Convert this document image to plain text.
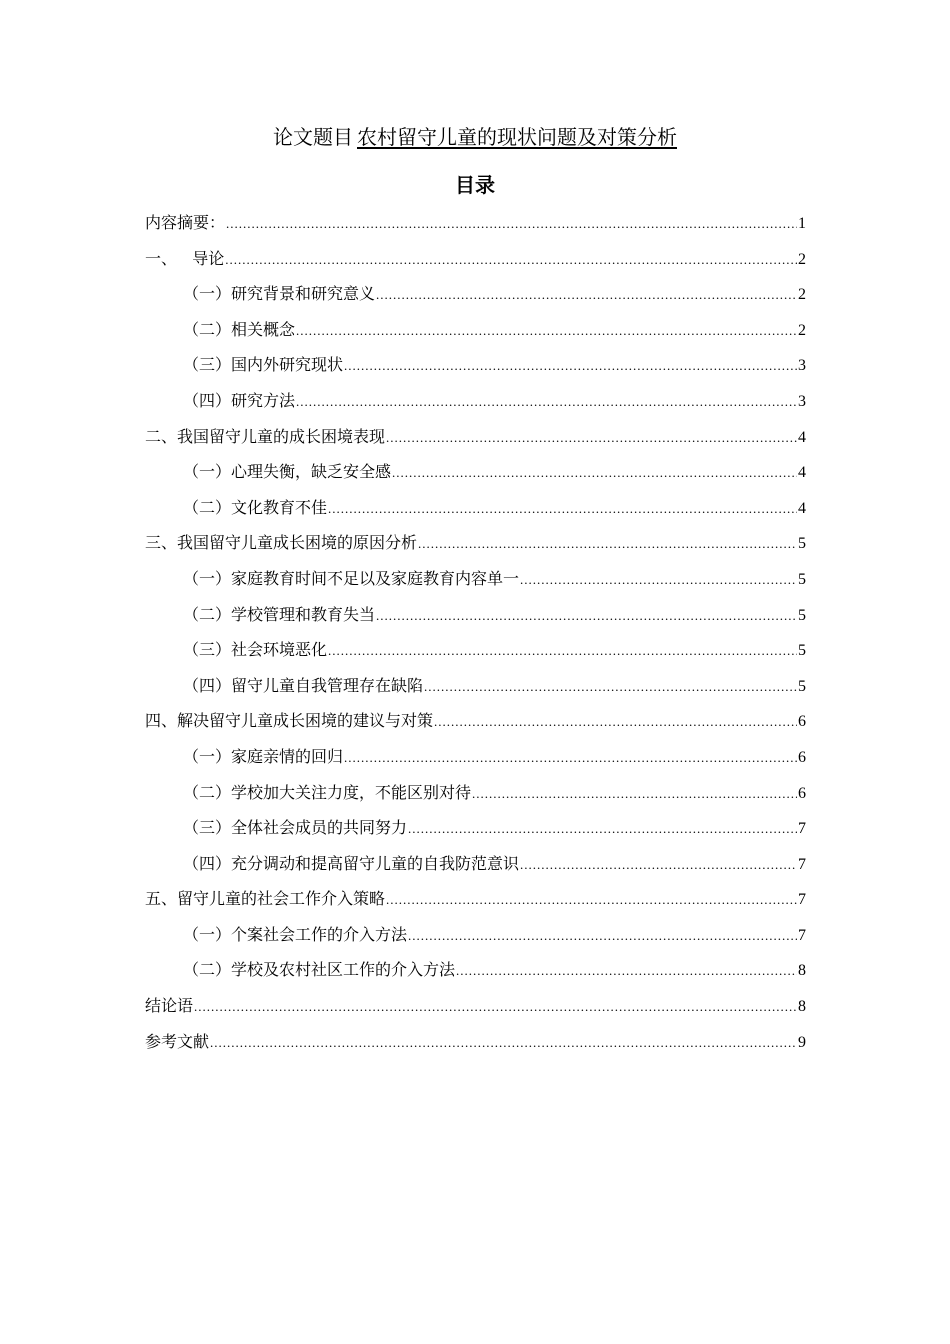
论文题目 农村留守儿童的现状问题及对策分析
目录
内容摘要： .....	1
一、   导论 .....	2
（一）研究背景和研究意义 .....	2
（二）相关概念 .....	2
（三）国内外研究现状 .....	3
（四）研究方法 .....	3
二、我国留守儿童的成长困境表现 .....	4
（一）心理失衡，缺乏安全感 .....	4
（二）文化教育不佳 .....	4
三、我国留守儿童成长困境的原因分析 .....	5
（一）家庭教育时间不足以及家庭教育内容单一 .....	5
（二）学校管理和教育失当 .....	5
（三）社会环境恶化 .....	5
（四）留守儿童自我管理存在缺陷 .....	5
四、解决留守儿童成长困境的建议与对策 .....	6
（一）家庭亲情的回归 .....	6
（二）学校加大关注力度，不能区别对待 .....	6
（三）全体社会成员的共同努力 .....	7
（四）充分调动和提高留守儿童的自我防范意识 .....	7
五、留守儿童的社会工作介入策略 .....	7
（一）个案社会工作的介入方法 .....	7
（二）学校及农村社区工作的介入方法 .....	8
结论语 .....	8
参考文献 .....	9
